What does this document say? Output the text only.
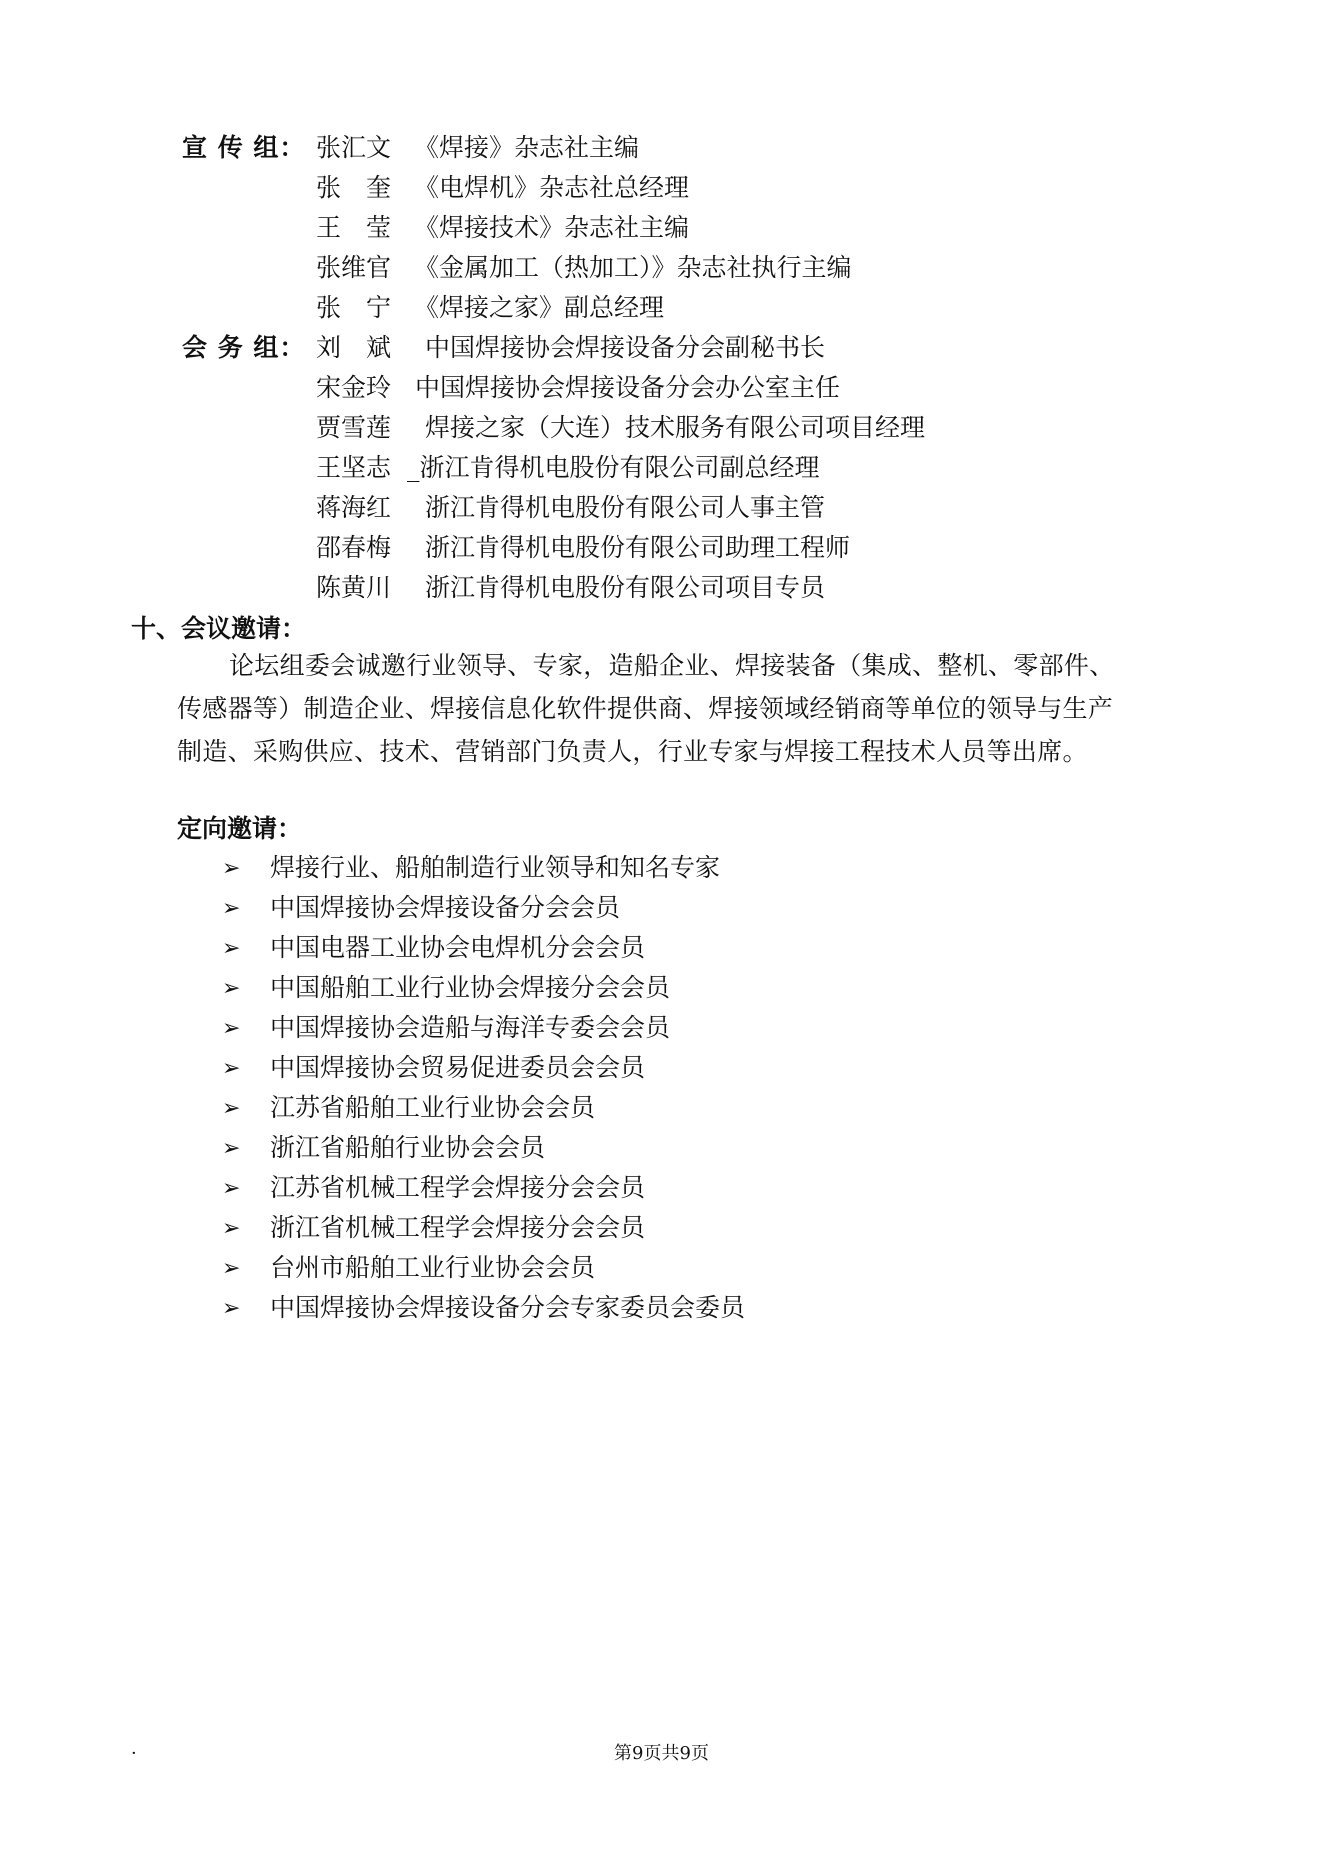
宣 传 组： 张汇文 《焊接》杂志社主编
张　奎 《电焊机》杂志社总经理
王　莹 《焊接技术》杂志社主编
张维官 《金属加工（热加工）》杂志社执行主编
张　宁 《焊接之家》副总经理
会 务 组： 刘　斌 中国焊接协会焊接设备分会副秘书长
宋金玲 中国焊接协会焊接设备分会办公室主任
贾雪莲 焊接之家（大连）技术服务有限公司项目经理
王坚志 _浙江肯得机电股份有限公司副总经理
蒋海红 浙江肯得机电股份有限公司人事主管
邵春梅 浙江肯得机电股份有限公司助理工程师
陈黄川 浙江肯得机电股份有限公司项目专员
十、会议邀请：
论坛组委会诚邀行业领导、专家，造船企业、焊接装备（集成、整机、零部件、
传感器等）制造企业、焊接信息化软件提供商、焊接领域经销商等单位的领导与生产
制造、采购供应、技术、营销部门负责人，行业专家与焊接工程技术人员等出席。
定向邀请：
➢ 焊接行业、船舶制造行业领导和知名专家
➢ 中国焊接协会焊接设备分会会员
➢ 中国电器工业协会电焊机分会会员
➢ 中国船舶工业行业协会焊接分会会员
➢ 中国焊接协会造船与海洋专委会会员
➢ 中国焊接协会贸易促进委员会会员
➢ 江苏省船舶工业行业协会会员
➢ 浙江省船舶行业协会会员
➢ 江苏省机械工程学会焊接分会会员
➢ 浙江省机械工程学会焊接分会会员
➢ 台州市船舶工业行业协会会员
➢ 中国焊接协会焊接设备分会专家委员会委员
·	第9页共9页
